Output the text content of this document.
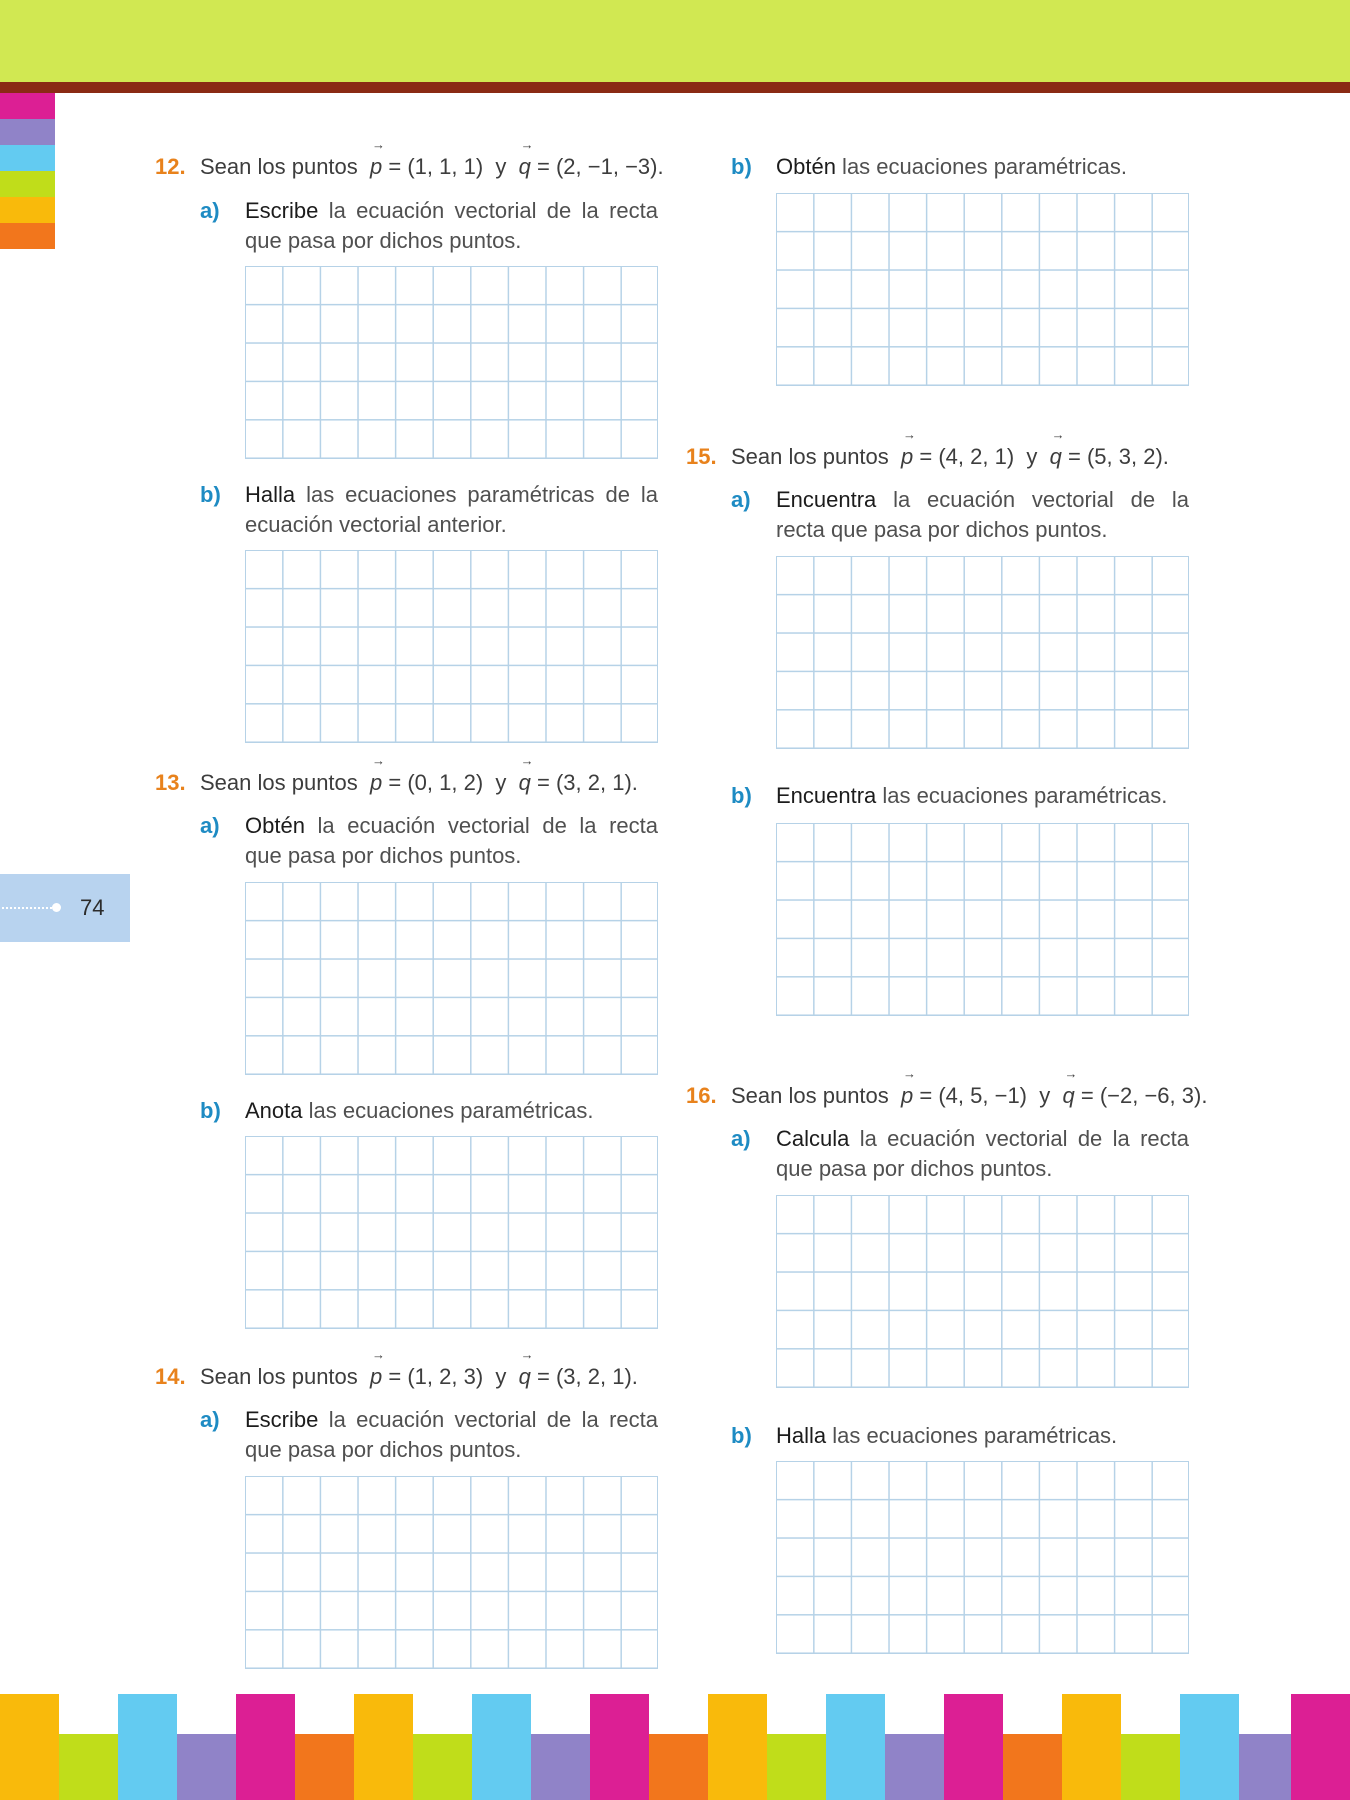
74
12. Sean los puntos
→
p = (1, 1, 1) y
→
q = (2, −1, −3).
a) Escribe la ecuación vectorial de la recta que pasa por dichos puntos.
b) Halla las ecuaciones paramétricas de la ecuación vectorial anterior.
13. Sean los puntos
→
p = (0, 1, 2) y
→
q = (3, 2, 1).
a) Obtén la ecuación vectorial de la recta que pasa por dichos puntos.
b) Anota las ecuaciones paramétricas.
14. Sean los puntos
→
p = (1, 2, 3) y
→
q = (3, 2, 1).
a) Escribe la ecuación vectorial de la recta que pasa por dichos puntos.
b) Obtén las ecuaciones paramétricas.
15. Sean los puntos
→
p = (4, 2, 1) y
→
q = (5, 3, 2).
a) Encuentra la ecuación vectorial de la recta que pasa por dichos puntos.
b) Encuentra las ecuaciones paramétricas.
16. Sean los puntos
→
p = (4, 5, −1) y
→
q = (−2, −6, 3).
a) Calcula la ecuación vectorial de la recta que pasa por dichos puntos.
b) Halla las ecuaciones paramétricas.
